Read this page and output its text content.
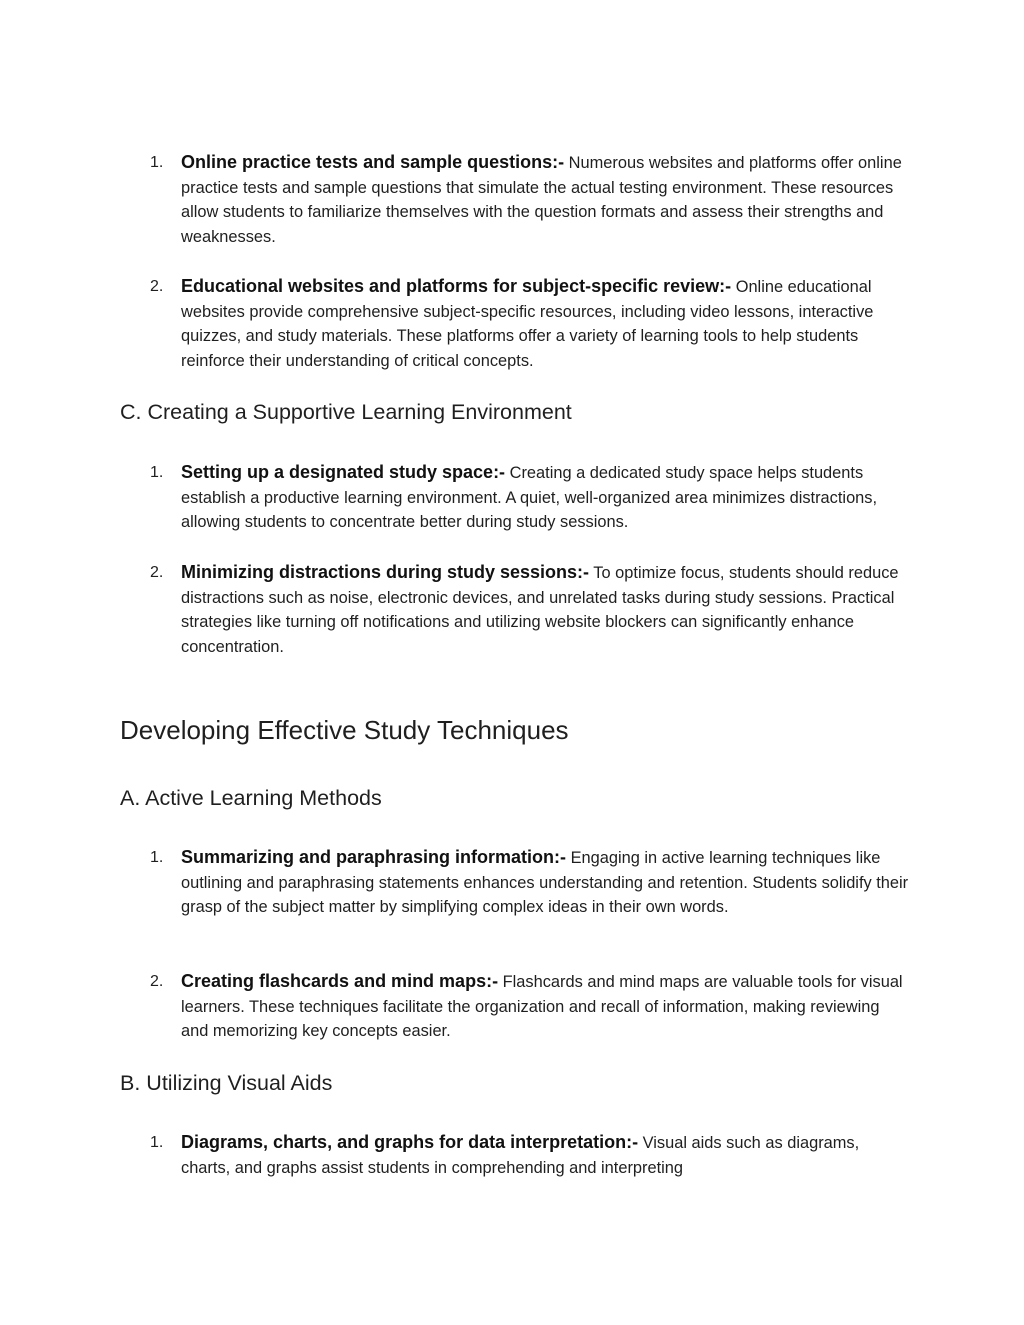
1. Online practice tests and sample questions:- Numerous websites and platforms offer online practice tests and sample questions that simulate the actual testing environment. These resources allow students to familiarize themselves with the question formats and assess their strengths and weaknesses.
2. Educational websites and platforms for subject-specific review:- Online educational websites provide comprehensive subject-specific resources, including video lessons, interactive quizzes, and study materials. These platforms offer a variety of learning tools to help students reinforce their understanding of critical concepts.
C. Creating a Supportive Learning Environment
1. Setting up a designated study space:- Creating a dedicated study space helps students establish a productive learning environment. A quiet, well-organized area minimizes distractions, allowing students to concentrate better during study sessions.
2. Minimizing distractions during study sessions:- To optimize focus, students should reduce distractions such as noise, electronic devices, and unrelated tasks during study sessions. Practical strategies like turning off notifications and utilizing website blockers can significantly enhance concentration.
Developing Effective Study Techniques
A. Active Learning Methods
1. Summarizing and paraphrasing information:- Engaging in active learning techniques like outlining and paraphrasing statements enhances understanding and retention. Students solidify their grasp of the subject matter by simplifying complex ideas in their own words.
2. Creating flashcards and mind maps:- Flashcards and mind maps are valuable tools for visual learners. These techniques facilitate the organization and recall of information, making reviewing and memorizing key concepts easier.
B. Utilizing Visual Aids
1. Diagrams, charts, and graphs for data interpretation:- Visual aids such as diagrams, charts, and graphs assist students in comprehending and interpreting
